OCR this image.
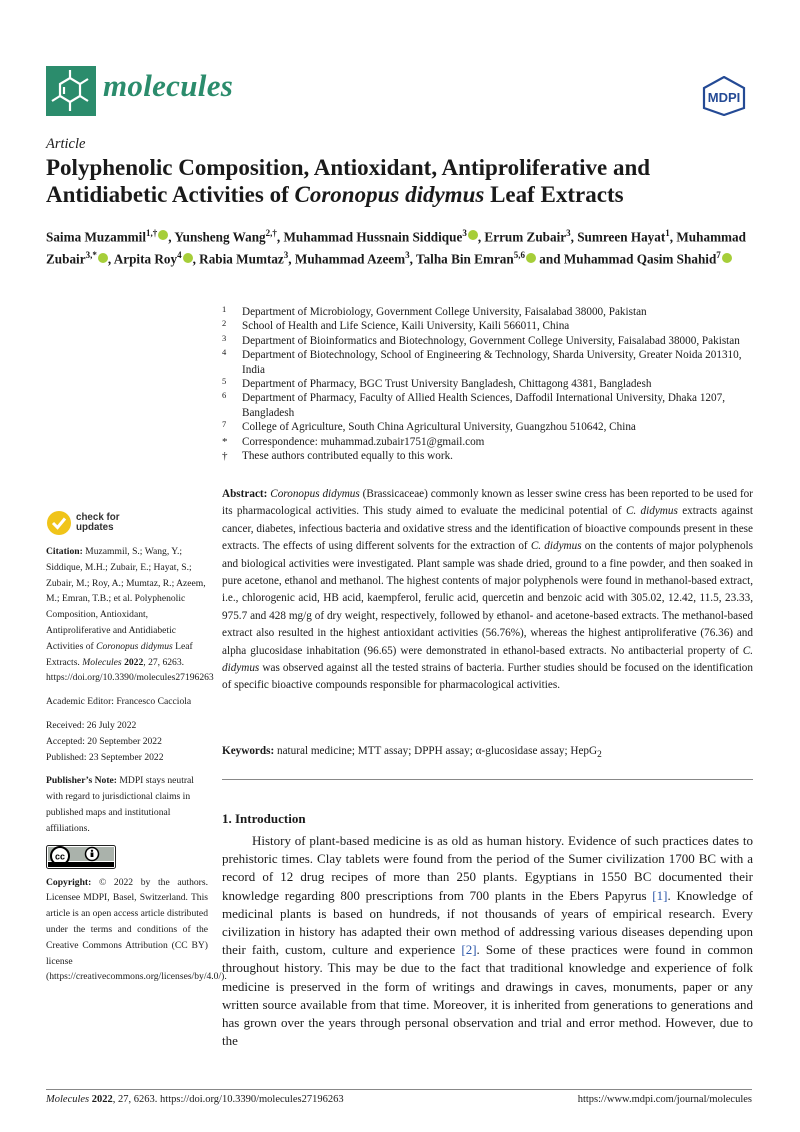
molecules	MDPI
Article
Polyphenolic Composition, Antioxidant, Antiproliferative and Antidiabetic Activities of Coronopus didymus Leaf Extracts
Saima Muzammil$^{1,\dagger}$ , Yunsheng Wang$^{2,\dagger}$, Muhammad Hussnain Siddique$^3$ , Errum Zubair$^3$, Sumreen Hayat$^1$, Muhammad Zubair$^{3,*}$ , Arpita Roy$^4$ , Rabia Mumtaz$^3$, Muhammad Azeem$^3$, Talha Bin Emran$^{5,6}$ and Muhammad Qasim Shahid$^7$
1	Department of Microbiology, Government College University, Faisalabad 38000, Pakistan
2	School of Health and Life Science, Kaili University, Kaili 566011, China
3	Department of Bioinformatics and Biotechnology, Government College University, Faisalabad 38000, Pakistan
4	Department of Biotechnology, School of Engineering & Technology, Sharda University, Greater Noida 201310, India
5	Department of Pharmacy, BGC Trust University Bangladesh, Chittagong 4381, Bangladesh
6	Department of Pharmacy, Faculty of Allied Health Sciences, Daffodil International University, Dhaka 1207, Bangladesh
7	College of Agriculture, South China Agricultural University, Guangzhou 510642, China
*	Correspondence: muhammad.zubair1751@gmail.com
†	These authors contributed equally to this work.
check for
updates
Citation: Muzammil, S.; Wang, Y.; Siddique, M.H.; Zubair, E.; Hayat, S.; Zubair, M.; Roy, A.; Mumtaz, R.; Azeem, M.; Emran, T.B.; et al. Polyphenolic Composition, Antioxidant, Antiproliferative and Antidiabetic Activities of Coronopus didymus Leaf Extracts. Molecules 2022, 27, 6263. https://doi.org/10.3390/molecules27196263
Academic Editor: Francesco Cacciola
Received: 26 July 2022
Accepted: 20 September 2022
Published: 23 September 2022
Publisher’s Note: MDPI stays neutral with regard to jurisdictional claims in published maps and institutional affiliations.
cc
Copyright: © 2022 by the authors. Licensee MDPI, Basel, Switzerland. This article is an open access article distributed under the terms and conditions of the Creative Commons Attribution (CC BY) license (https://creativecommons.org/licenses/by/4.0/).
Abstract: Coronopus didymus (Brassicaceae) commonly known as lesser swine cress has been reported to be used for its pharmacological activities. This study aimed to evaluate the medicinal potential of C. didymus extracts against cancer, diabetes, infectious bacteria and oxidative stress and the identification of bioactive compounds present in these extracts. The effects of using different solvents for the extraction of C. didymus on the contents of major polyphenols and biological activities were investigated. Plant sample was shade dried, ground to a fine powder, and then soaked in pure acetone, ethanol and methanol. The highest contents of major polyphenols were found in methanol-based extract, i.e., chlorogenic acid, HB acid, kaempferol, ferulic acid, quercetin and benzoic acid with 305.02, 12.42, 11.5, 23.33, 975.7 and 428 mg/g of dry weight, respectively, followed by ethanol- and acetone-based extracts. The methanol-based extract also resulted in the highest antioxidant activities (56.76%), whereas the highest antiproliferative (76.36) and alpha glucosidase inhabitation (96.65) were demonstrated in ethanol-based extracts. No antibacterial property of C. didymus was observed against all the tested strains of bacteria. Further studies should be focused on the identification of specific bioactive compounds responsible for pharmacological activities.
Keywords: natural medicine; MTT assay; DPPH assay; α-glucosidase assay; HepG$_2$
1. Introduction
History of plant-based medicine is as old as human history. Evidence of such practices dates to prehistoric times. Clay tablets were found from the period of the Sumer civilization 1700 BC with a record of 12 drug recipes of more than 250 plants. Egyptians in 1550 BC documented their knowledge regarding 800 prescriptions from 700 plants in the Ebers Papyrus [1]. Knowledge of medicinal plants is based on hundreds, if not thousands of years of empirical research. Every civilization in history has adapted their own method of addressing various diseases depending upon their faith, custom, culture and experience [2]. Some of these practices were found in common throughout history. This may be due to the fact that traditional knowledge and experience of folk medicine is preserved in the form of writings and drawings in caves, monuments, paper or any written source available from that time. Moreover, it is inherited from generations to generations and has grown over the years through personal observation and trial and error method. However, due to the
Molecules 2022, 27, 6263. https://doi.org/10.3390/molecules27196263	https://www.mdpi.com/journal/molecules
